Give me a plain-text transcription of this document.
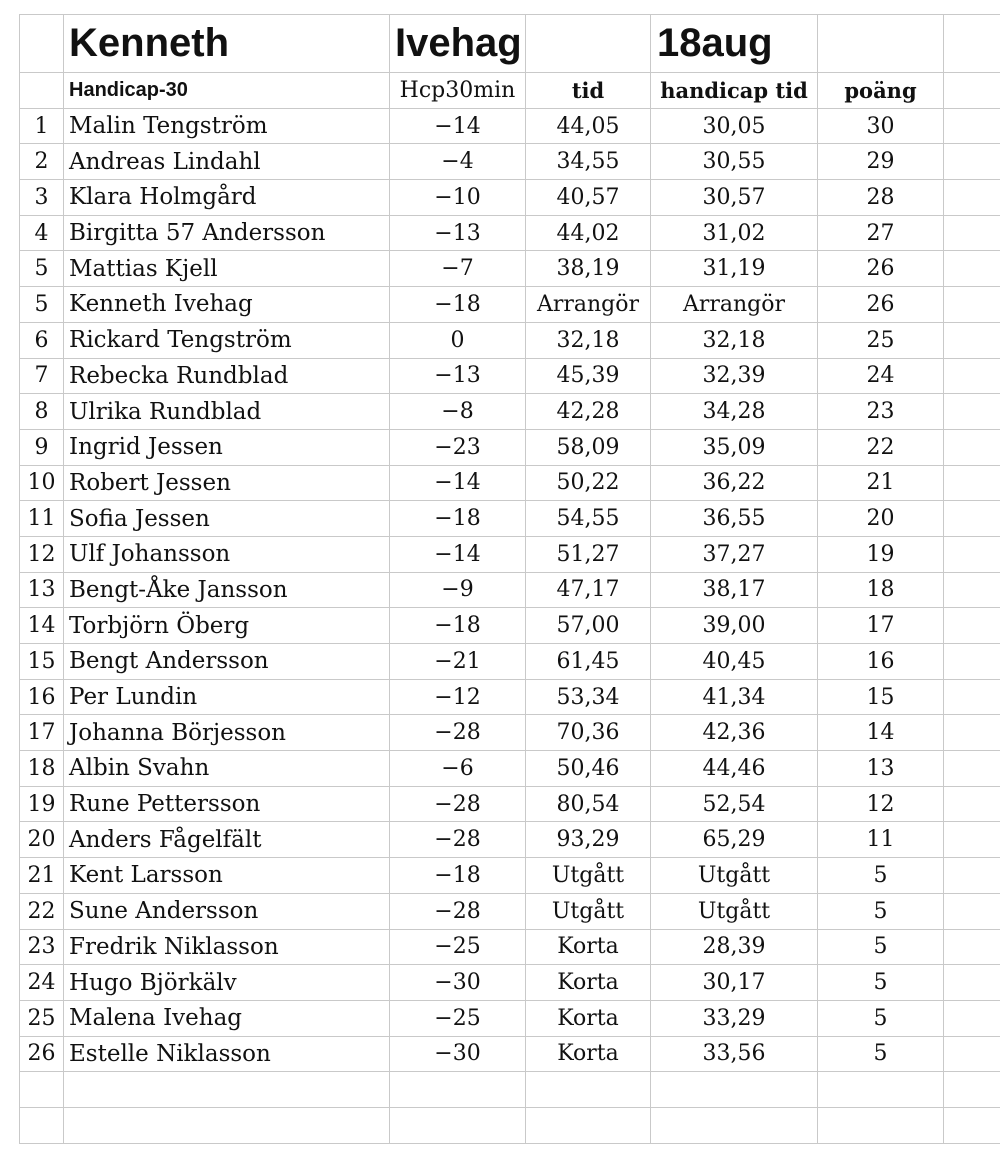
	Kenneth	Ivehag		18aug		
	Handicap-30	Hcp30min	tid	handicap tid	poäng	
1	Malin Tengström	−14	44,05	30,05	30	
2	Andreas Lindahl	−4	34,55	30,55	29	
3	Klara Holmgård	−10	40,57	30,57	28	
4	Birgitta 57 Andersson	−13	44,02	31,02	27	
5	Mattias Kjell	−7	38,19	31,19	26	
5	Kenneth Ivehag	−18	Arrangör	Arrangör	26	
6	Rickard Tengström	0	32,18	32,18	25	
7	Rebecka Rundblad	−13	45,39	32,39	24	
8	Ulrika Rundblad	−8	42,28	34,28	23	
9	Ingrid Jessen	−23	58,09	35,09	22	
10	Robert Jessen	−14	50,22	36,22	21	
11	Sofia Jessen	−18	54,55	36,55	20	
12	Ulf Johansson	−14	51,27	37,27	19	
13	Bengt-Åke Jansson	−9	47,17	38,17	18	
14	Torbjörn Öberg	−18	57,00	39,00	17	
15	Bengt Andersson	−21	61,45	40,45	16	
16	Per Lundin	−12	53,34	41,34	15	
17	Johanna Börjesson	−28	70,36	42,36	14	
18	Albin Svahn	−6	50,46	44,46	13	
19	Rune Pettersson	−28	80,54	52,54	12	
20	Anders Fågelfält	−28	93,29	65,29	11	
21	Kent Larsson	−18	Utgått	Utgått	5	
22	Sune Andersson	−28	Utgått	Utgått	5	
23	Fredrik Niklasson	−25	Korta	28,39	5	
24	Hugo Björkälv	−30	Korta	30,17	5	
25	Malena Ivehag	−25	Korta	33,29	5	
26	Estelle Niklasson	−30	Korta	33,56	5	
